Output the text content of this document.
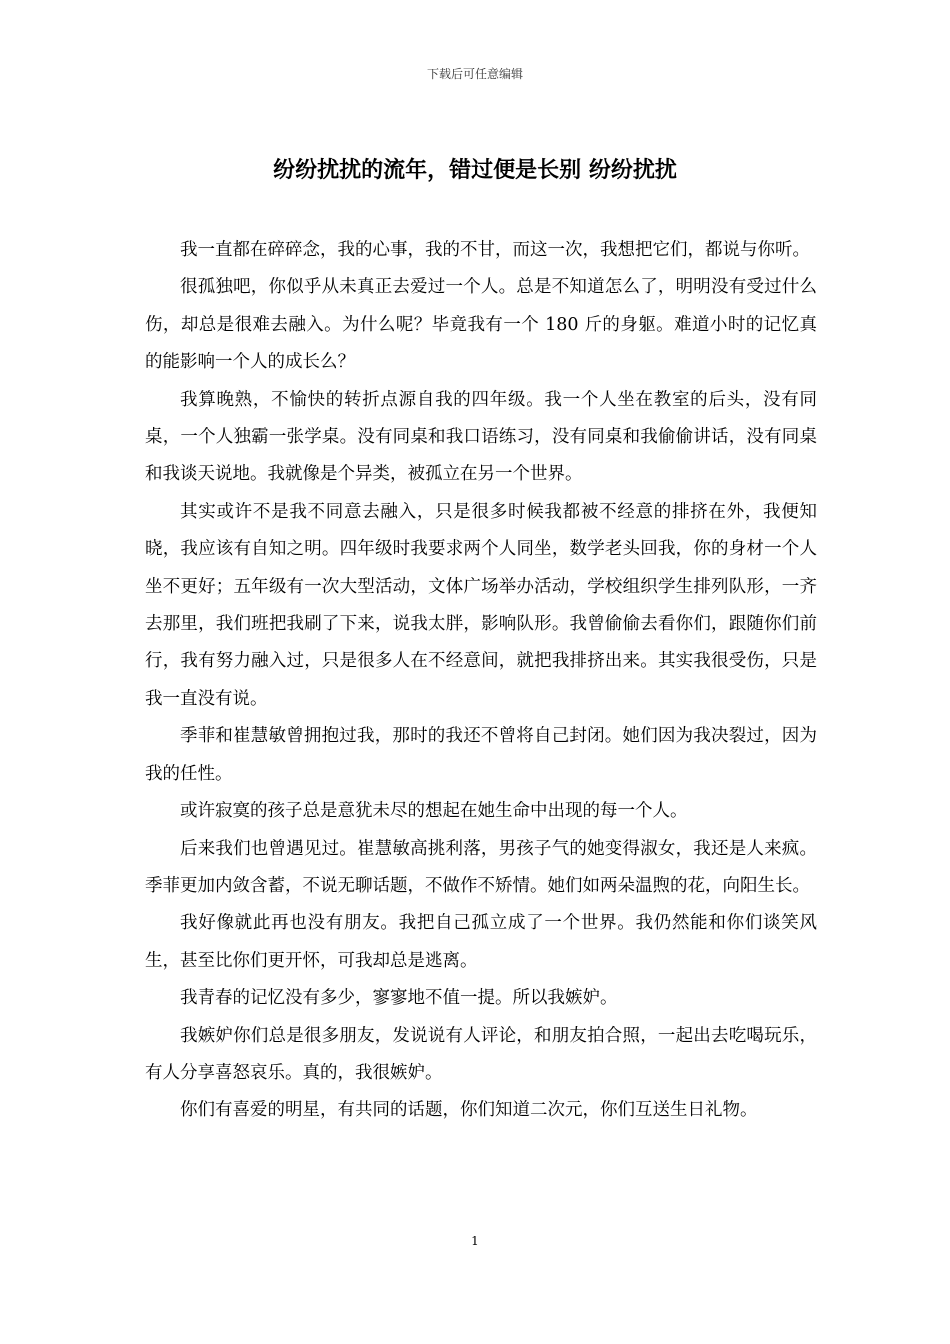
下载后可任意编辑
纷纷扰扰的流年，错过便是长别 纷纷扰扰

我一直都在碎碎念，我的心事，我的不甘，而这一次，我想把它们，都说与你听。

很孤独吧，你似乎从未真正去爱过一个人。总是不知道怎么了，明明没有受过什么伤，却总是很难去融入。为什么呢？毕竟我有一个 180 斤的身躯。难道小时的记忆真的能影响一个人的成长么？

我算晚熟，不愉快的转折点源自我的四年级。我一个人坐在教室的后头，没有同桌，一个人独霸一张学桌。没有同桌和我口语练习，没有同桌和我偷偷讲话，没有同桌和我谈天说地。我就像是个异类，被孤立在另一个世界。

其实或许不是我不同意去融入，只是很多时候我都被不经意的排挤在外，我便知晓，我应该有自知之明。四年级时我要求两个人同坐，数学老头回我，你的身材一个人坐不更好；五年级有一次大型活动，文体广场举办活动，学校组织学生排列队形，一齐去那里，我们班把我刷了下来，说我太胖，影响队形。我曾偷偷去看你们，跟随你们前行，我有努力融入过，只是很多人在不经意间，就把我排挤出来。其实我很受伤，只是我一直没有说。

季菲和崔慧敏曾拥抱过我，那时的我还不曾将自己封闭。她们因为我决裂过，因为我的任性。

或许寂寞的孩子总是意犹未尽的想起在她生命中出现的每一个人。

后来我们也曾遇见过。崔慧敏高挑利落，男孩子气的她变得淑女，我还是人来疯。季菲更加内敛含蓄，不说无聊话题，不做作不矫情。她们如两朵温煦的花，向阳生长。

我好像就此再也没有朋友。我把自己孤立成了一个世界。我仍然能和你们谈笑风生，甚至比你们更开怀，可我却总是逃离。

我青春的记忆没有多少，寥寥地不值一提。所以我嫉妒。

我嫉妒你们总是很多朋友，发说说有人评论，和朋友拍合照，一起出去吃喝玩乐，有人分享喜怒哀乐。真的，我很嫉妒。

你们有喜爱的明星，有共同的话题，你们知道二次元，你们互送生日礼物。

1
